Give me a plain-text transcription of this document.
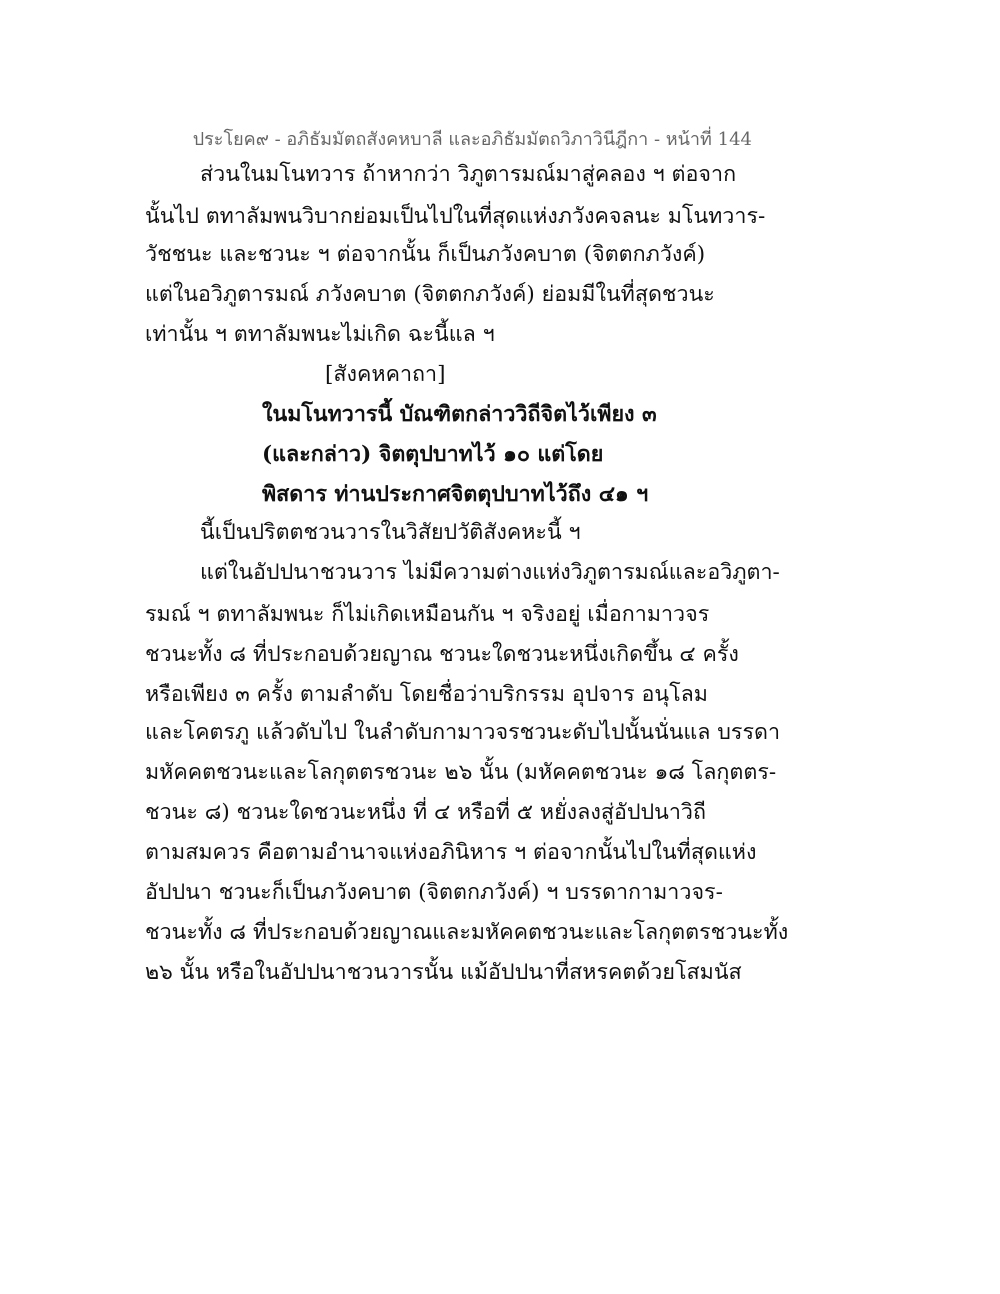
ประโยค๙ - อภิธัมมัตถสังคหบาลี และอภิธัมมัตถวิภาวินีฎีกา - หน้าที่ 144
ส่วนในมโนทวาร ถ้าหากว่า วิภูตารมณ์มาสู่คลอง ฯ ต่อจาก
นั้นไป ตทาลัมพนวิบากย่อมเป็นไปในที่สุดแห่งภวังคจลนะ มโนทวาร-
วัชชนะ และชวนะ ฯ ต่อจากนั้น ก็เป็นภวังคบาต (จิตตกภวังค์)
แต่ในอวิภูตารมณ์ ภวังคบาต (จิตตกภวังค์) ย่อมมีในที่สุดชวนะ
เท่านั้น ฯ ตทาลัมพนะไม่เกิด ฉะนี้แล ฯ
[สังคหคาถา]
ในมโนทวารนี้ บัณฑิตกล่าววิถีจิตไว้เพียง ๓
(และกล่าว) จิตตุปบาทไว้ ๑๐ แต่โดย
พิสดาร ท่านประกาศจิตตุปบาทไว้ถึง ๔๑ ฯ
นี้เป็นปริตตชวนวารในวิสัยปวัติสังคหะนี้ ฯ
แต่ในอัปปนาชวนวาร ไม่มีความต่างแห่งวิภูตารมณ์และอวิภูตา-
รมณ์ ฯ ตทาลัมพนะ ก็ไม่เกิดเหมือนกัน ฯ จริงอยู่ เมื่อกามาวจร
ชวนะทั้ง ๘ ที่ประกอบด้วยญาณ ชวนะใดชวนะหนึ่งเกิดขึ้น ๔ ครั้ง
หรือเพียง ๓ ครั้ง ตามลำดับ โดยชื่อว่าบริกรรม อุปจาร อนุโลม
และโคตรภู แล้วดับไป ในลำดับกามาวจรชวนะดับไปนั้นนั่นแล บรรดา
มหัคคตชวนะและโลกุตตรชวนะ ๒๖ นั้น (มหัคคตชวนะ ๑๘ โลกุตตร-
ชวนะ ๘) ชวนะใดชวนะหนึ่ง ที่ ๔ หรือที่ ๕ หยั่งลงสู่อัปปนาวิถี
ตามสมควร คือตามอำนาจแห่งอภินิหาร ฯ ต่อจากนั้นไปในที่สุดแห่ง
อัปปนา ชวนะก็เป็นภวังคบาต (จิตตกภวังค์) ฯ บรรดากามาวจร-
ชวนะทั้ง ๘ ที่ประกอบด้วยญาณและมหัคคตชวนะและโลกุตตรชวนะทั้ง
๒๖ นั้น หรือในอัปปนาชวนวารนั้น แม้อัปปนาที่สหรคตด้วยโสมนัส
